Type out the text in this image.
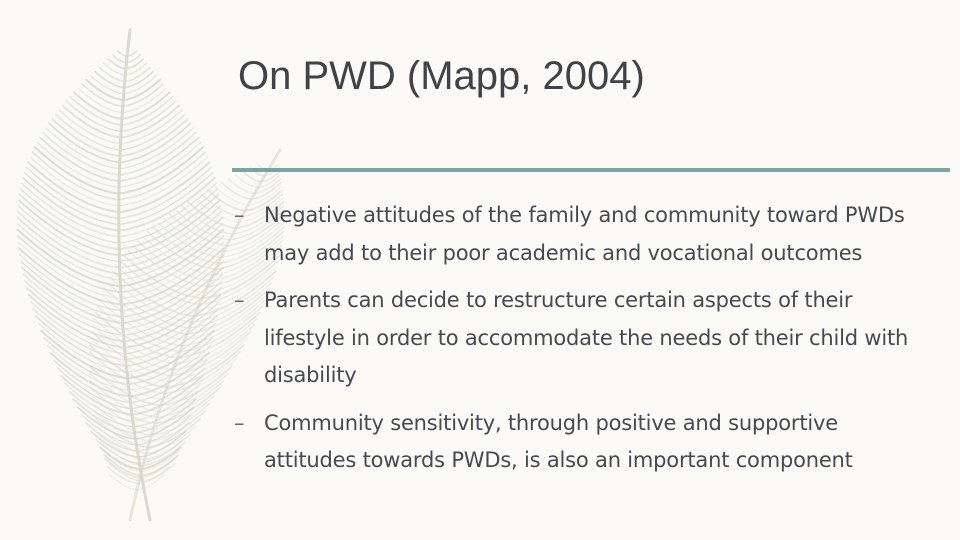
On PWD (Mapp, 2004)
– Negative attitudes of the family and community toward PWDs may add to their poor academic and vocational outcomes
– Parents can decide to restructure certain aspects of their lifestyle in order to accommodate the needs of their child with disability
– Community sensitivity, through positive and supportive attitudes towards PWDs, is also an important component
